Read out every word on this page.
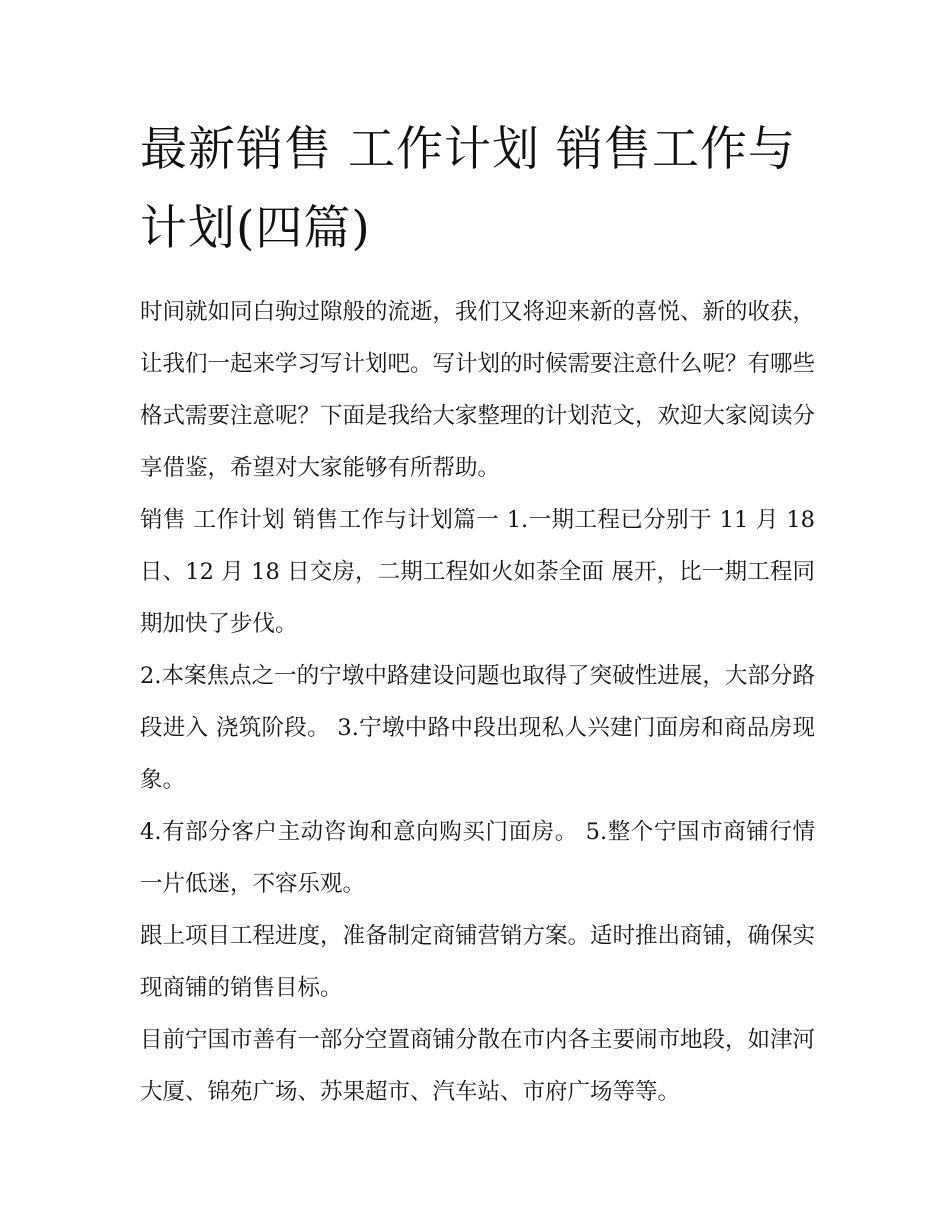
最新销售 工作计划 销售工作与计划(四篇)

时间就如同白驹过隙般的流逝，我们又将迎来新的喜悦、新的收获，让我们一起来学习写计划吧。写计划的时候需要注意什么呢？有哪些格式需要注意呢？下面是我给大家整理的计划范文，欢迎大家阅读分享借鉴，希望对大家能够有所帮助。

销售 工作计划 销售工作与计划篇一 1.一期工程已分别于 11 月 18 日、12 月 18 日交房，二期工程如火如荼全面 展开，比一期工程同期加快了步伐。

2.本案焦点之一的宁墩中路建设问题也取得了突破性进展，大部分路段进入 浇筑阶段。 3.宁墩中路中段出现私人兴建门面房和商品房现象。

4.有部分客户主动咨询和意向购买门面房。 5.整个宁国市商铺行情一片低迷，不容乐观。

跟上项目工程进度，准备制定商铺营销方案。适时推出商铺，确保实现商铺的销售目标。

目前宁国市善有一部分空置商铺分散在市内各主要闹市地段，如津河大厦、锦苑广场、苏果超市、汽车站、市府广场等等。
